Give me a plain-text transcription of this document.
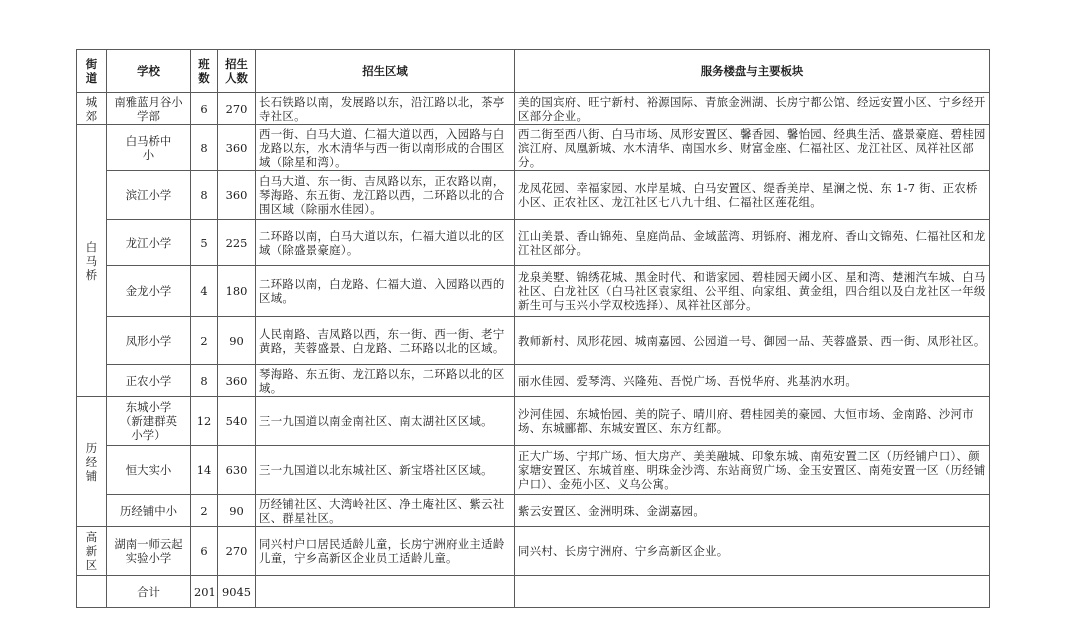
街道	学校	班数	招生人数	招生区域	服务楼盘与主要板块
城郊	南雅蓝月谷小学部	6	270	长石铁路以南，发展路以东，沿江路以北，茶亭寺社区。	美的国宾府、旺宁新村、裕源国际、青旅金洲湖、长房宁都公馆、经远安置小区、宁乡经开区部分企业。
白马桥	白马桥中小	8	360	西一街、白马大道、仁福大道以西，入园路与白龙路以东，水木清华与西一街以南形成的合围区域（除星和湾）。	西二街至西八街、白马市场、凤形安置区、馨香园、馨怡园、经典生活、盛景豪庭、碧桂园滨江府、凤凰新城、水木清华、南国水乡、财富金座、仁福社区、龙江社区、凤祥社区部分。
	滨江小学	8	360	白马大道、东一街、吉凤路以东，正农路以南，琴海路、东五街、龙江路以西，二环路以北的合围区域（除丽水佳园）。	龙凤花园、幸福家园、水岸星城、白马安置区、缇香美岸、星澜之悦、东 1-7 街、正农桥小区、正农社区、龙江社区七八九十组、仁福社区莲花组。
	龙江小学	5	225	二环路以南，白马大道以东，仁福大道以北的区域（除盛景豪庭）。	江山美景、香山锦苑、皇庭尚品、金域蓝湾、玥铄府、湘龙府、香山文锦苑、仁福社区和龙江社区部分。
	金龙小学	4	180	二环路以南，白龙路、仁福大道、入园路以西的区域。	龙泉美墅、锦绣花城、黑金时代、和谐家园、碧桂园天阈小区、星和湾、楚湘汽车城、白马社区、白龙社区（白马社区袁家组、公平组、向家组、黄金组，四合组以及白龙社区一年级新生可与玉兴小学双校选择）、凤祥社区部分。
	凤形小学	2	90	人民南路、吉凤路以西，东一街、西一街、老宁黄路，芙蓉盛景、白龙路、二环路以北的区域。	教师新村、凤形花园、城南嘉园、公园道一号、御园一品、芙蓉盛景、西一街、凤形社区。
	正农小学	8	360	琴海路、东五街、龙江路以东，二环路以北的区域。	丽水佳园、爱琴湾、兴隆苑、吾悦广场、吾悦华府、兆基汭水玥。
历经铺	东城小学（新建群英小学）	12	540	三一九国道以南金南社区、南太湖社区区域。	沙河佳园、东城怡园、美的院子、晴川府、碧桂园美的豪园、大恒市场、金南路、沙河市场、东城郦都、东城安置区、东方红都。
	恒大实小	14	630	三一九国道以北东城社区、新宝塔社区区域。	正大广场、宁邦广场、恒大房产、美美融城、印象东城、南苑安置二区（历经铺户口）、颜家塘安置区、东城首座、明珠金沙湾、东站商贸广场、金玉安置区、南苑安置一区（历经铺户口）、金苑小区、义乌公寓。
	历经铺中小	2	90	历经铺社区、大湾岭社区、净土庵社区、紫云社区、群星社区。	紫云安置区、金洲明珠、金湖嘉园。
高新区	湖南一师云起实验小学	6	270	同兴村户口居民适龄儿童，长房宁洲府业主适龄儿童，宁乡高新区企业员工适龄儿童。	同兴村、长房宁洲府、宁乡高新区企业。
	合计	201	9045		
